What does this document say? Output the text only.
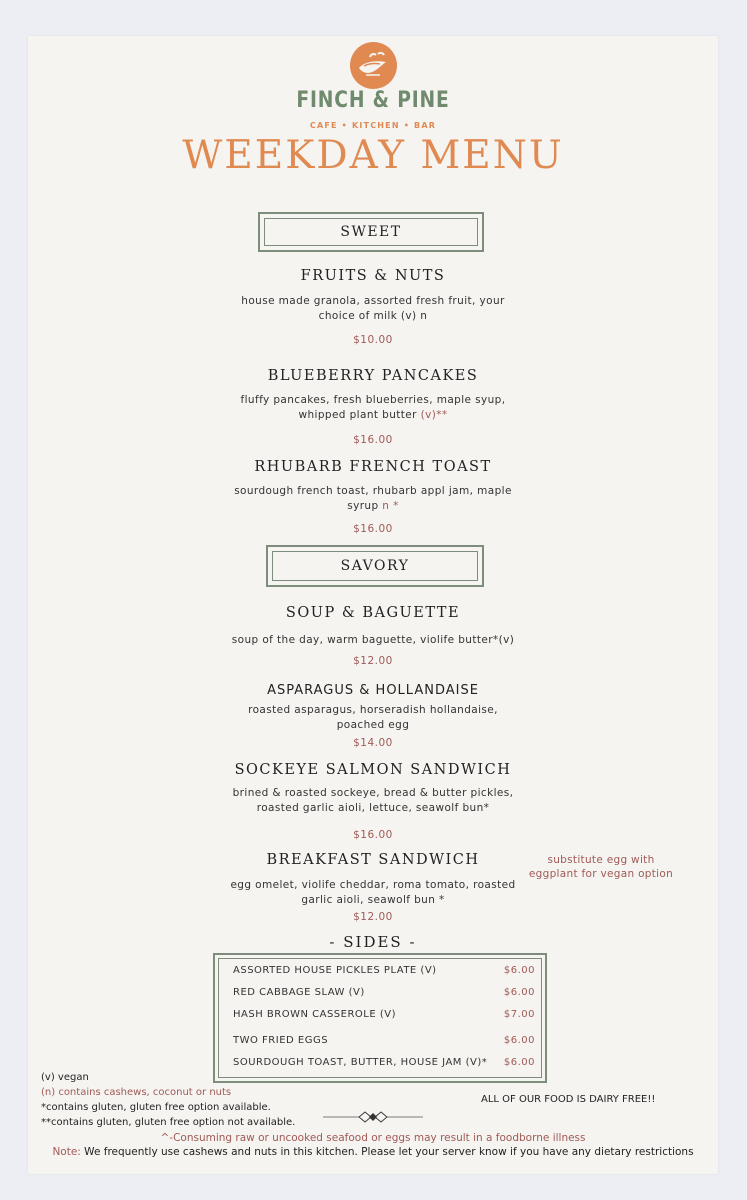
FINCH & PINE
CAFE • KITCHEN • BAR
WEEKDAY MENU
SWEET
FRUITS & NUTS
house made granola, assorted fresh fruit, your
choice of milk (v) n
$10.00
BLUEBERRY PANCAKES
fluffy pancakes, fresh blueberries, maple syup,
whipped plant butter (v)**
$16.00
RHUBARB FRENCH TOAST
sourdough french toast, rhubarb appl jam, maple
syrup n *
$16.00
SAVORY
SOUP & BAGUETTE
soup of the day, warm baguette, violife butter*(v)
$12.00
ASPARAGUS & HOLLANDAISE
roasted asparagus, horseradish hollandaise,
poached egg
$14.00
SOCKEYE SALMON SANDWICH
brined & roasted sockeye, bread & butter pickles,
roasted garlic aioli, lettuce, seawolf bun*
$16.00
BREAKFAST SANDWICH
egg omelet, violife cheddar, roma tomato, roasted
garlic aioli, seawolf bun *
$12.00
substitute egg with eggplant for vegan option
- SIDES -
ASSORTED HOUSE PICKLES PLATE (V)	$6.00
RED CABBAGE SLAW (V)	$6.00
HASH BROWN CASSEROLE (V)	$7.00
TWO FRIED EGGS	$6.00
SOURDOUGH TOAST, BUTTER, HOUSE JAM (V)* $6.00
(v) vegan
(n) contains cashews, coconut or nuts
*contains gluten, gluten free option available.
**contains gluten, gluten free option not available.
ALL OF OUR FOOD IS DAIRY FREE!!
^-Consuming raw or uncooked seafood or eggs may result in a foodborne illness
Note: We frequently use cashews and nuts in this kitchen. Please let your server know if you have any dietary restrictions
